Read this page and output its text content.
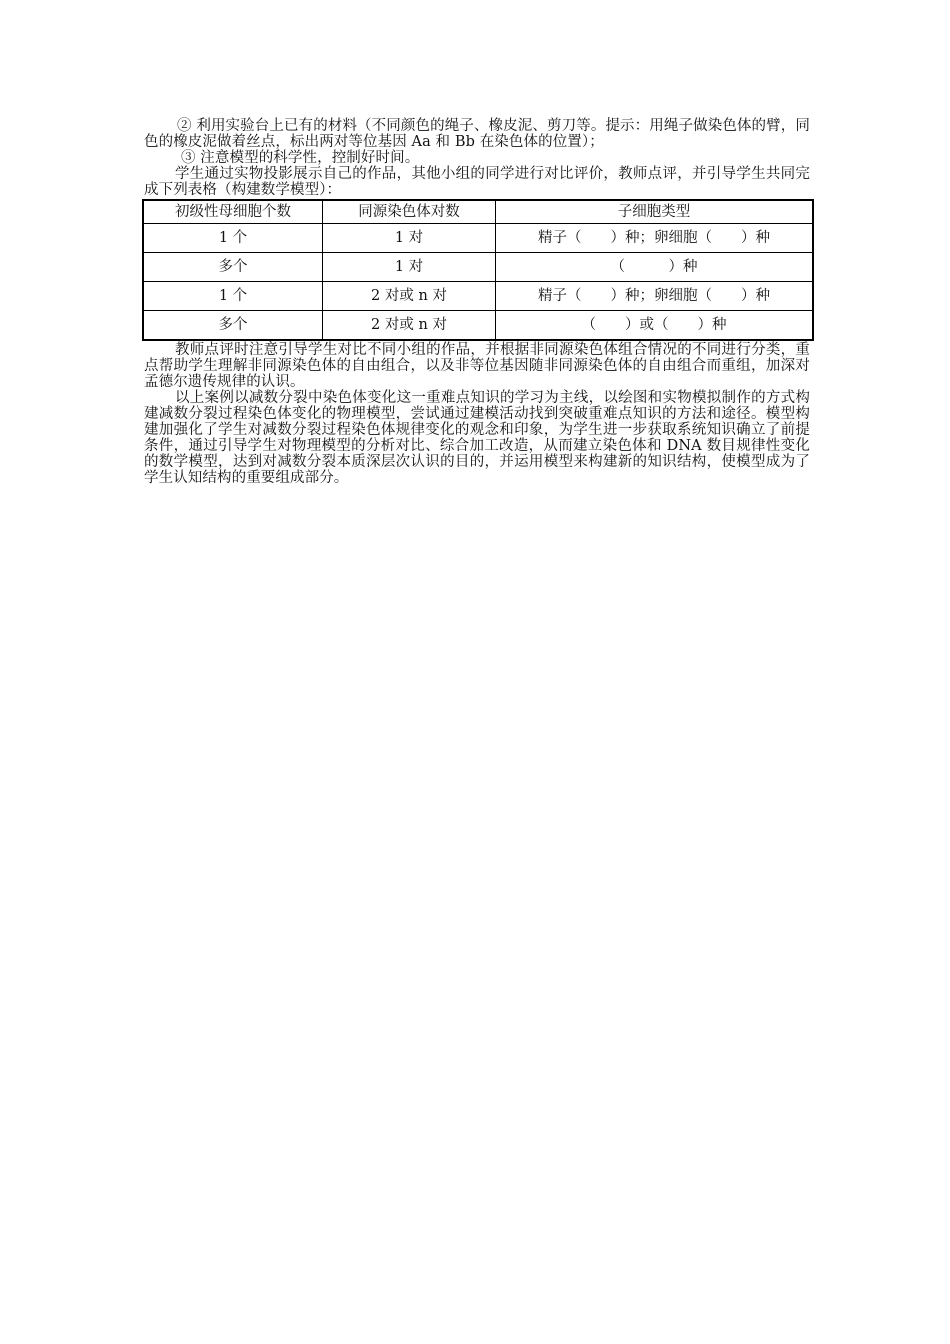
② 利用实验台上已有的材料（不同颜色的绳子、橡皮泥、剪刀等。提示：用绳子做染色体的臂，同色的橡皮泥做着丝点，标出两对等位基因 Aa 和 Bb 在染色体的位置）；

③ 注意模型的科学性，控制好时间。

学生通过实物投影展示自己的作品，其他小组的同学进行对比评价，教师点评，并引导学生共同完成下列表格（构建数学模型）：

初级性母细胞个数	同源染色体对数	子细胞类型
1 个	1 对	精子（　　）种；卵细胞（　　）种
多个	1 对	（　　　）种
1 个	2 对或 n 对	精子（　　）种；卵细胞（　　）种
多个	2 对或 n 对	（　　）或（　　）种

教师点评时注意引导学生对比不同小组的作品，并根据非同源染色体组合情况的不同进行分类，重点帮助学生理解非同源染色体的自由组合，以及非等位基因随非同源染色体的自由组合而重组，加深对孟德尔遗传规律的认识。

以上案例以减数分裂中染色体变化这一重难点知识的学习为主线，以绘图和实物模拟制作的方式构建减数分裂过程染色体变化的物理模型，尝试通过建模活动找到突破重难点知识的方法和途径。模型构建加强化了学生对减数分裂过程染色体规律变化的观念和印象，为学生进一步获取系统知识确立了前提条件，通过引导学生对物理模型的分析对比、综合加工改造，从而建立染色体和 DNA 数目规律性变化的数学模型，达到对减数分裂本质深层次认识的目的，并运用模型来构建新的知识结构，使模型成为了学生认知结构的重要组成部分。
